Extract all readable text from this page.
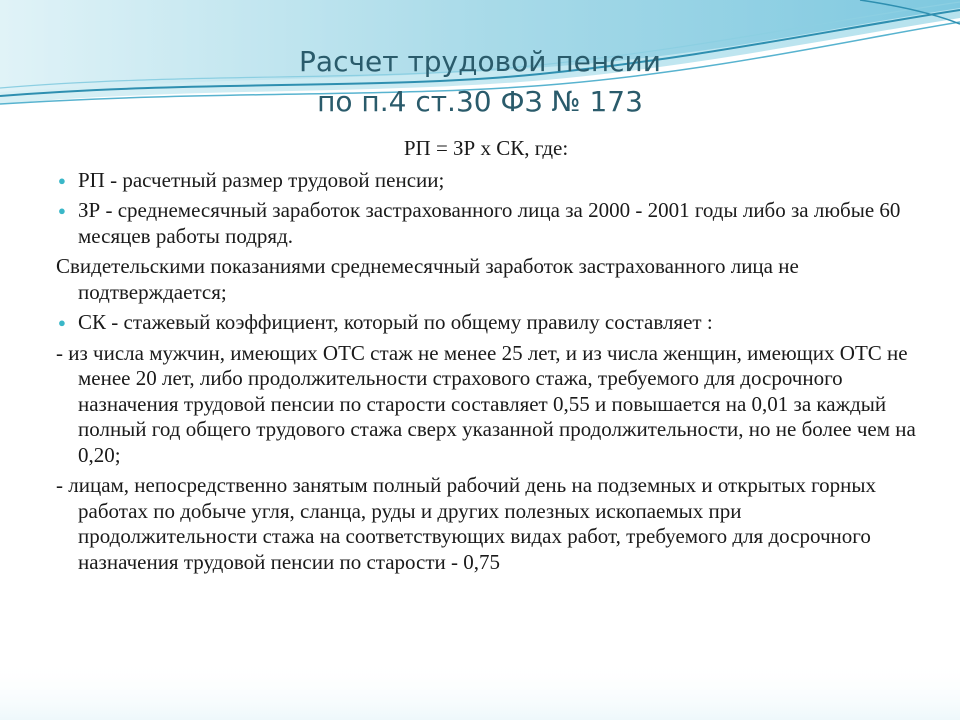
Расчет трудовой пенсии
по п.4 ст.30 ФЗ № 173
РП = ЗР х СК, где:
● РП - расчетный размер трудовой пенсии;
● ЗР - среднемесячный заработок застрахованного лица за 2000 - 2001 годы либо за любые 60 месяцев работы подряд.
Свидетельскими показаниями среднемесячный заработок застрахованного лица не подтверждается;
● СК - стажевый коэффициент, который по общему правилу составляет :
- из числа мужчин, имеющих ОТС стаж не менее 25 лет, и из числа женщин, имеющих ОТС не менее 20 лет, либо продолжительности страхового стажа, требуемого для досрочного назначения трудовой пенсии по старости составляет 0,55 и повышается на 0,01 за каждый полный год общего трудового стажа сверх указанной продолжительности, но не более чем на 0,20;
- лицам, непосредственно занятым полный рабочий день на подземных и открытых горных работах по добыче угля, сланца, руды и других полезных ископаемых при продолжительности стажа на соответствующих видах работ, требуемого для досрочного назначения трудовой пенсии по старости - 0,75
